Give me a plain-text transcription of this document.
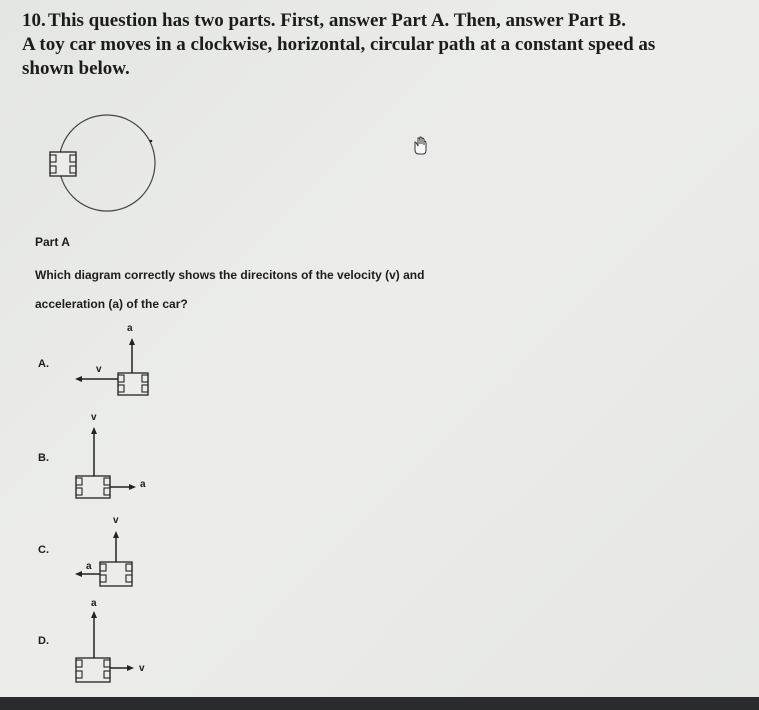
10. This question has two parts. First, answer Part A. Then, answer Part B.
A toy car moves in a clockwise, horizontal, circular path at a constant speed as
shown below.
Part A
Which diagram correctly shows the direcitons of the velocity (v) and
acceleration (a) of the car?
A.
B.
C.
D.
a
v
v
a
v
a
a
v
